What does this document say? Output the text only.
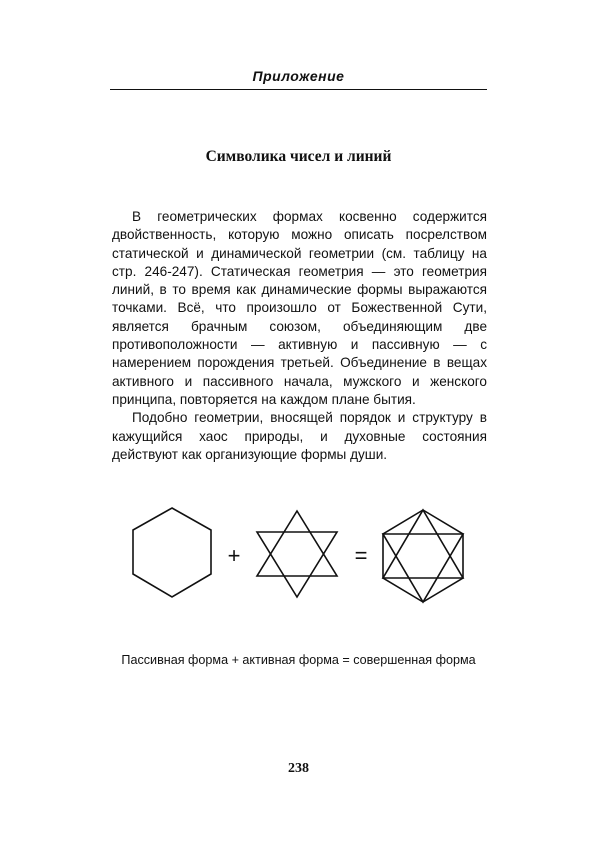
Приложение
Символика чисел и линий

В геометрических формах косвенно содержится двойственность, которую можно описать посрелством статической и динамической геометрии (см. таблицу на стр. 246-247). Статическая геометрия — это геометрия линий, в то время как динамические формы выражаются точками. Всё, что произошло от Божественной Сути, является брачным союзом, объединяющим две противоположности — активную и пассивную — с намерением порождения третьей. Объединение в вещах активного и пассивного начала, мужского и женского принципа, повторяется на каждом плане бытия.

Подобно геометрии, вносящей порядок и структуру в кажущийся хаос природы, и духовные состояния действуют как организующие формы души.

+	=
Пассивная форма + активная форма = совершенная форма
238
